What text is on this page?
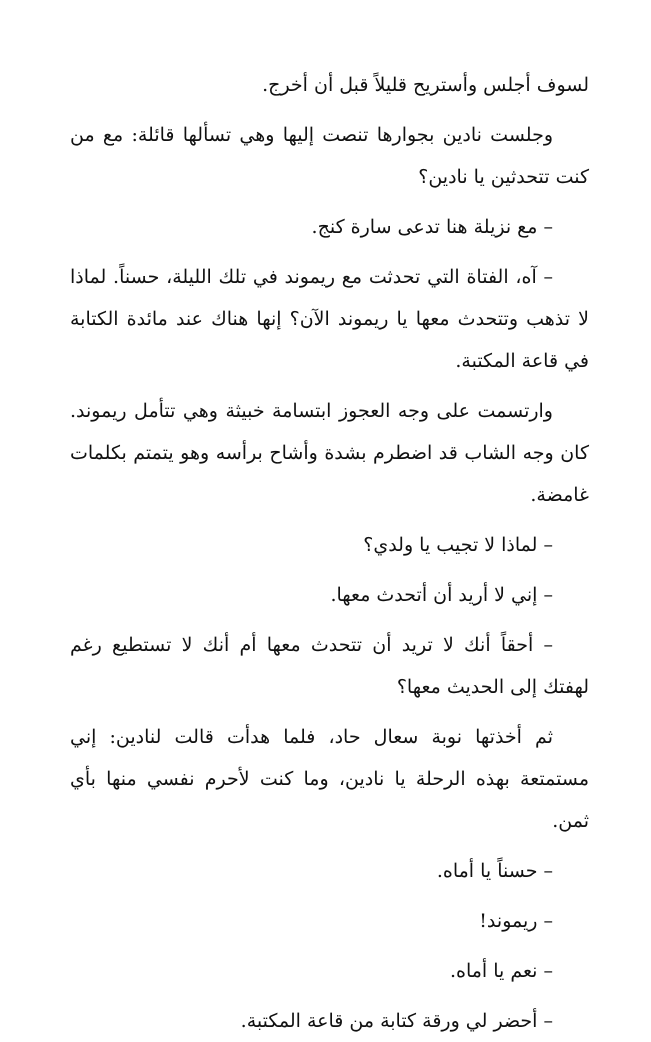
لسوف أجلس وأستريح قليلاً قبل أن أخرج.

وجلست نادين بجوارها تنصت إليها وهي تسألها قائلة: مع من كنت تتحدثين يا نادين؟

– مع نزيلة هنا تدعى سارة كنج.

– آه، الفتاة التي تحدثت مع ريموند في تلك الليلة، حسناً. لماذا لا تذهب وتتحدث معها يا ريموند الآن؟ إنها هناك عند مائدة الكتابة في قاعة المكتبة.

وارتسمت على وجه العجوز ابتسامة خبيثة وهي تتأمل ريموند. كان وجه الشاب قد اضطرم بشدة وأشاح برأسه وهو يتمتم بكلمات غامضة.

– لماذا لا تجيب يا ولدي؟

– إني لا أريد أن أتحدث معها.

– أحقاً أنك لا تريد أن تتحدث معها أم أنك لا تستطيع رغم لهفتك إلى الحديث معها؟

ثم أخذتها نوبة سعال حاد، فلما هدأت قالت لنادين: إني مستمتعة بهذه الرحلة يا نادين، وما كنت لأحرم نفسي منها بأي ثمن.

– حسناً يا أماه.

– ريموند!

– نعم يا أماه.

– أحضر لي ورقة كتابة من قاعة المكتبة.
